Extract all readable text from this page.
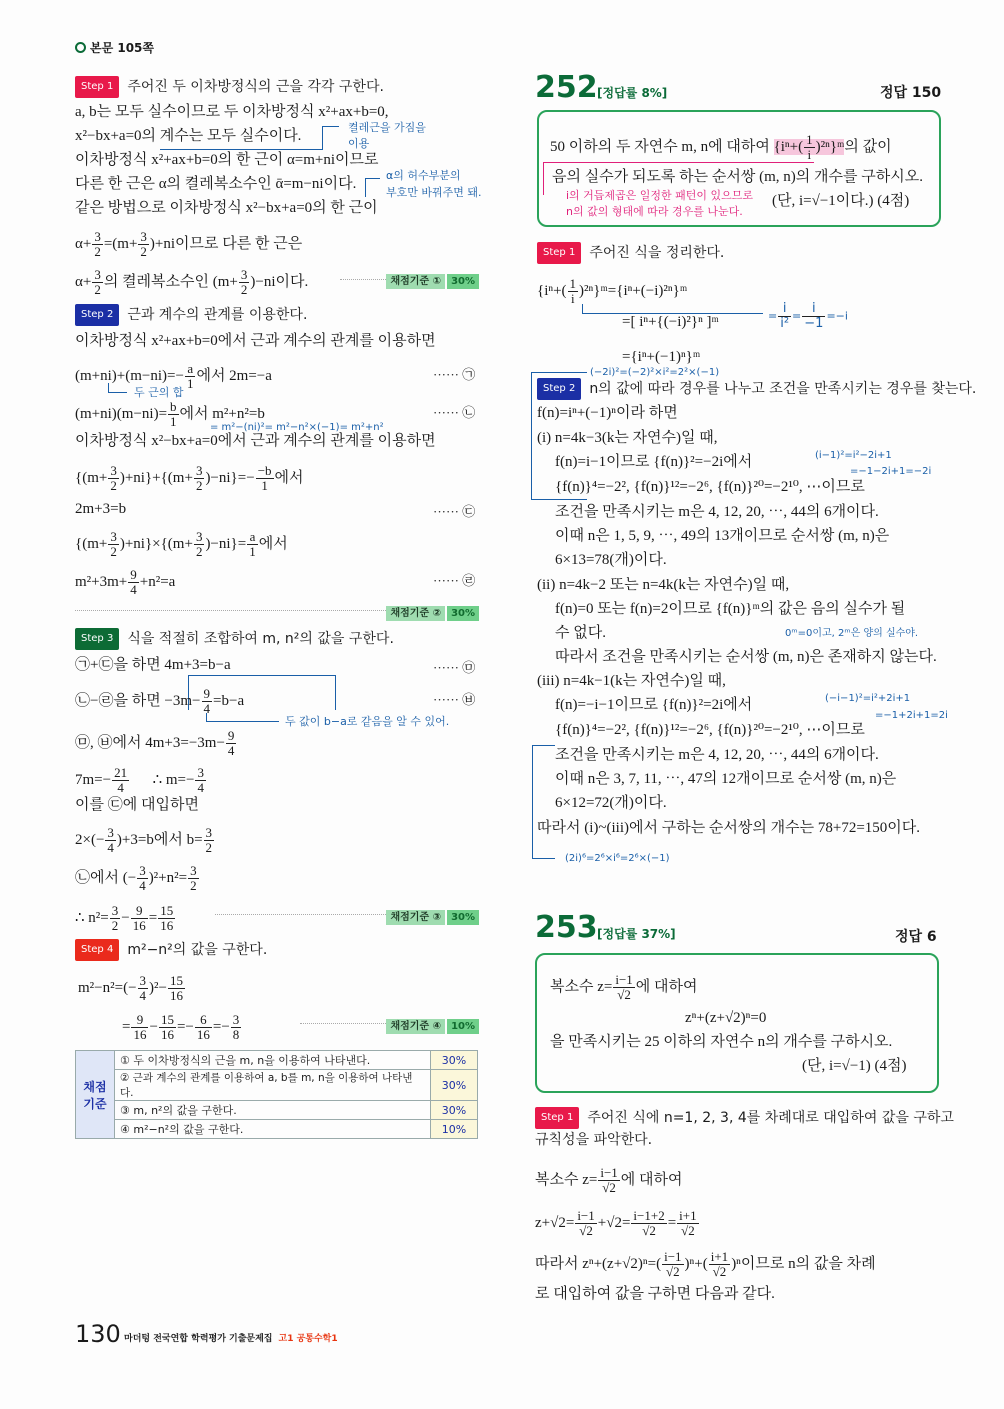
본문 105쪽
Step 1 주어진 두 이차방정식의 근을 각각 구한다.
a, b는 모두 실수이므로 두 이차방정식 x²+ax+b=0,
x²−bx+a=0의 계수는 모두 실수이다.
켤레근을 가짐을
이용
이차방정식 x²+ax+b=0의 한 근이 α=m+ni이므로
다른 한 근은 α의 켤레복소수인 ᾱ=m−ni이다.
α의 허수부분의
부호만 바꿔주면 돼.
같은 방법으로 이차방정식 x²−bx+a=0의 한 근이
$\alpha+ \frac{3}{2} =(m+ \frac{3}{2} )+ni$이므로 다른 한 근은
$\alpha+ \frac{3}{2}$ 의 켤레복소수인 $(m+ \frac{3}{2} )-ni$이다.	채점기준 ① 30%
Step 2 근과 계수의 관계를 이용한다.
이차방정식 x²+ax+b=0에서 근과 계수의 관계를 이용하면
$(m+ni)+(m-ni)=- \frac{a}{1}$ 에서 2m=−a	······ ㉠
두 근의 합
$(m+ni)(m-ni)= \frac{b}{1}$ 에서 m²+n²=b	······ ㉡
= m²−(ni)²= m²−n²×(−1)= m²+n²
이차방정식 x²−bx+a=0에서 근과 계수의 관계를 이용하면
$\{(m+ \frac{3}{2} )+ni\}+\{(m+ \frac{3}{2} )-ni\}=- \frac{-b}{1}$ 에서
2m+3=b	······ ㉢
$\{(m+ \frac{3}{2} )+ni\}\times\{(m+ \frac{3}{2} )-ni\}= \frac{a}{1}$ 에서
$m^2+3m+ \frac{9}{4} +n^2=a$	······ ㉣
채점기준 ② 30%
Step 3 식을 적절히 조합하여 m, n²의 값을 구한다.
㉠+㉢을 하면 4m+3=b−a	······ ㉤
㉡−㉣을 하면 $-3m- \frac{9}{4} =b-a$	······ ㉥
두 값이 b−a로 같음을 알 수 있어.
㉤, ㉥에서 $4m+3=-3m- \frac{9}{4}$
$7m=- \frac{21}{4}$ ∴ $m=- \frac{3}{4}$
이를 ㉢에 대입하면
$2\times(- \frac{3}{4} )+3=b$에서 $b= \frac{3}{2}$
㉡에서 (− $\frac{3}{4} )^2+n^2= \frac{3}{2}$
∴ $n^2= \frac{3}{2} - \frac{9}{16} = \frac{15}{16}$	채점기준 ③ 30%
Step 4 m²−n²의 값을 구한다.
$m^2-n^2=(- \frac{3}{4} )^2- \frac{15}{16}$
= $\frac{9}{16} - \frac{15}{16} =- \frac{6}{16} =- \frac{3}{8}$	채점기준 ④ 10%
채점 기준	① 두 이차방정식의 근을 m, n을 이용하여 나타낸다.	30%
	② 근과 계수의 관계를 이용하여 a, b를 m, n을 이용하여 나타낸다.	30%
	③ m, n²의 값을 구한다.	30%
	④ m²−n²의 값을 구한다.	10%
252 [정답률 8%]	정답 150
50 이하의 두 자연수 m, n에 대하여 {$i^n+( \frac{1}{i}$ )²ⁿ}ᵐ의 값이
음의 실수가 되도록 하는 순서쌍 (m, n)의 개수를 구하시오.
i의 거듭제곱은 일정한 패턴이 있으므로
n의 값의 형태에 따라 경우를 나눈다.
(단, i=√−1이다.) (4점)
Step 1 주어진 식을 정리한다.
{$i^n+( \frac{1}{i}$ )²ⁿ}ᵐ={iⁿ+(−i)²ⁿ}ᵐ
=[ iⁿ+{(−i)²}ⁿ ]ᵐ	= $\frac{i}{\text{i²}} = \frac{i}{-1} =-i$
={iⁿ+(−1)ⁿ}ᵐ
(−2i)²=(−2)²×i²=2²×(−1)
Step 2 n의 값에 따라 경우를 나누고 조건을 만족시키는 경우를 찾는다.
f(n)=iⁿ+(−1)ⁿ이라 하면
(i) n=4k−3(k는 자연수)일 때,
f(n)=i−1이므로 {f(n)}²=−2i에서	(i−1)²=i²−2i+1
=−1−2i+1=−2i
{f(n)}⁴=−2², {f(n)}¹²=−2⁶, {f(n)}²⁰=−2¹⁰, ⋯이므로
조건을 만족시키는 m은 4, 12, 20, ⋯, 44의 6개이다.
이때 n은 1, 5, 9, ⋯, 49의 13개이므로 순서쌍 (m, n)은
6×13=78(개)이다.
(ii) n=4k−2 또는 n=4k(k는 자연수)일 때,
f(n)=0 또는 f(n)=2이므로 {f(n)}ᵐ의 값은 음의 실수가 될
수 없다.	0ᵐ=0이고, 2ᵐ은 양의 실수야.
따라서 조건을 만족시키는 순서쌍 (m, n)은 존재하지 않는다.
(iii) n=4k−1(k는 자연수)일 때,
f(n)=−i−1이므로 {f(n)}²=2i에서	(−i−1)²=i²+2i+1
=−1+2i+1=2i
{f(n)}⁴=−2², {f(n)}¹²=−2⁶, {f(n)}²⁰=−2¹⁰, ⋯이므로
조건을 만족시키는 m은 4, 12, 20, ⋯, 44의 6개이다.
이때 n은 3, 7, 11, ⋯, 47의 12개이므로 순서쌍 (m, n)은
6×12=72(개)이다.
따라서 (i)~(iii)에서 구하는 순서쌍의 개수는 78+72=150이다.
(2i)⁶=2⁶×i⁶=2⁶×(−1)
253 [정답률 37%]	정답 6
복소수 $z= \frac{i-1}{√2}$ 에 대하여
zⁿ+(z+√2)ⁿ=0
을 만족시키는 25 이하의 자연수 n의 개수를 구하시오.
(단, i=√−1) (4점)
Step 1 주어진 식에 n=1, 2, 3, 4를 차례대로 대입하여 값을 구하고
규칙성을 파악한다.
복소수 $z= \frac{i-1}{√2}$ 에 대하여
$z+√2= \frac{i-1}{√2} +√2= \frac{i-1+2}{√2} = \frac{i+1}{√2}$
따라서 $z^n+(z+√2)^n=( \frac{i-1}{√2} )^n+( \frac{i+1}{√2} )^n$이므로 n의 값을 차례
로 대입하여 값을 구하면 다음과 같다.
130 마더텅 전국연합 학력평가 기출문제집 고1 공통수학1
